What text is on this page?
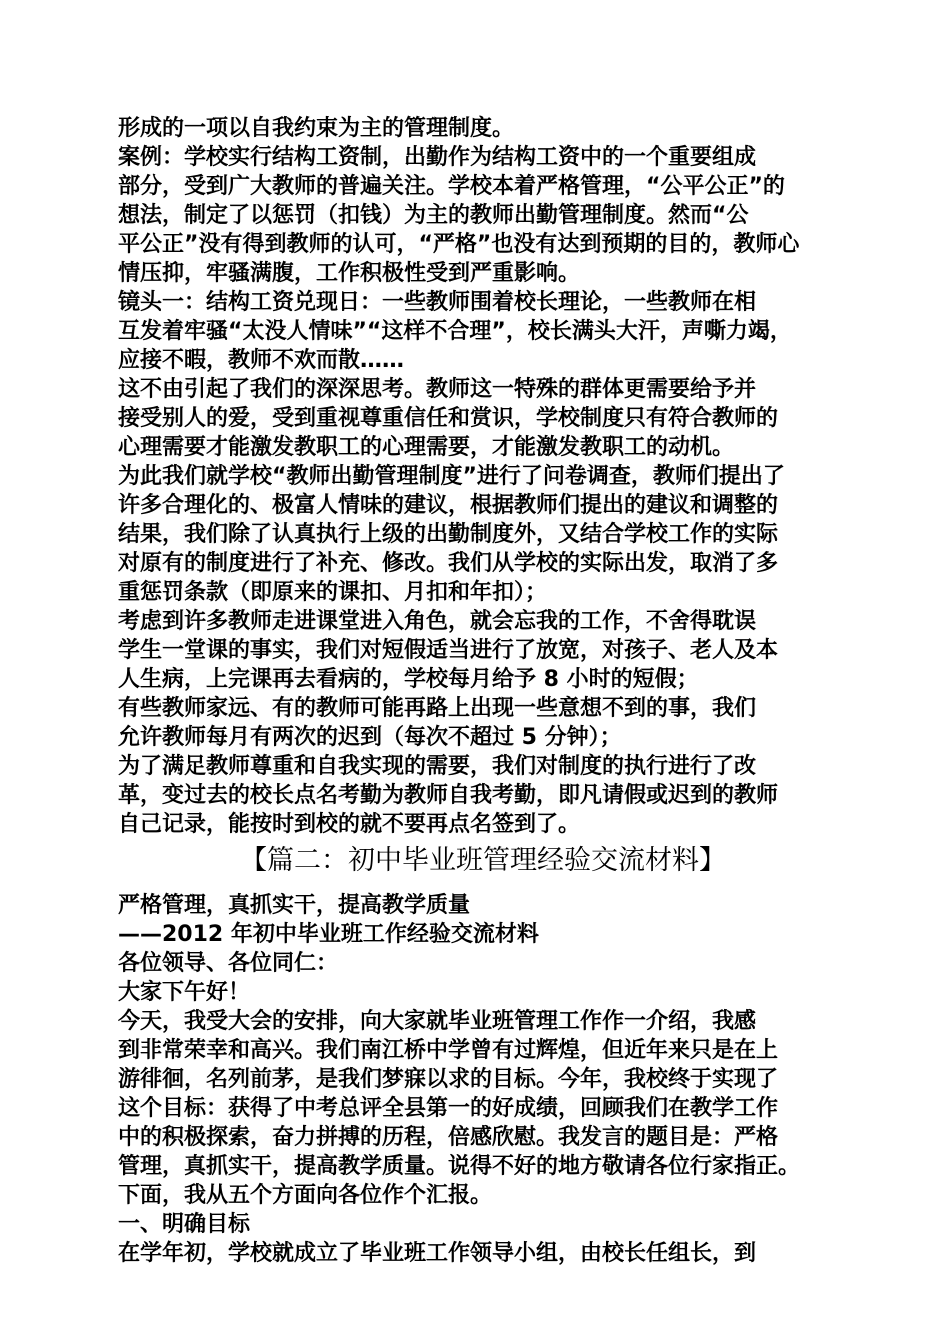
形成的一项以自我约束为主的管理制度。
案例：学校实行结构工资制，出勤作为结构工资中的一个重要组成
部分，受到广大教师的普遍关注。学校本着严格管理，“公平公正”的
想法，制定了以惩罚（扣钱）为主的教师出勤管理制度。然而“公
平公正”没有得到教师的认可，“严格”也没有达到预期的目的，教师心
情压抑，牢骚满腹，工作积极性受到严重影响。
镜头一：结构工资兑现日：一些教师围着校长理论，一些教师在相
互发着牢骚“太没人情味”“这样不合理”，校长满头大汗，声嘶力竭，
应接不暇，教师不欢而散……
这不由引起了我们的深深思考。教师这一特殊的群体更需要给予并
接受别人的爱，受到重视尊重信任和赏识，学校制度只有符合教师的
心理需要才能激发教职工的心理需要，才能激发教职工的动机。
为此我们就学校“教师出勤管理制度”进行了问卷调查，教师们提出了
许多合理化的、极富人情味的建议，根据教师们提出的建议和调整的
结果，我们除了认真执行上级的出勤制度外，又结合学校工作的实际
对原有的制度进行了补充、修改。我们从学校的实际出发，取消了多
重惩罚条款（即原来的课扣、月扣和年扣）；
考虑到许多教师走进课堂进入角色，就会忘我的工作，不舍得耽误
学生一堂课的事实，我们对短假适当进行了放宽，对孩子、老人及本
人生病，上完课再去看病的，学校每月给予 8 小时的短假；
有些教师家远、有的教师可能再路上出现一些意想不到的事，我们
允许教师每月有两次的迟到（每次不超过 5 分钟）；
为了满足教师尊重和自我实现的需要，我们对制度的执行进行了改
革，变过去的校长点名考勤为教师自我考勤，即凡请假或迟到的教师
自己记录，能按时到校的就不要再点名签到了。
【篇二：初中毕业班管理经验交流材料】
严格管理，真抓实干，提高教学质量
——2012 年初中毕业班工作经验交流材料
各位领导、各位同仁：
大家下午好！
今天，我受大会的安排，向大家就毕业班管理工作作一介绍，我感
到非常荣幸和高兴。我们南江桥中学曾有过辉煌，但近年来只是在上
游徘徊，名列前茅，是我们梦寐以求的目标。今年，我校终于实现了
这个目标：获得了中考总评全县第一的好成绩，回顾我们在教学工作
中的积极探索，奋力拼搏的历程，倍感欣慰。我发言的题目是：严格
管理，真抓实干，提高教学质量。说得不好的地方敬请各位行家指正。
下面，我从五个方面向各位作个汇报。
一、明确目标
在学年初，学校就成立了毕业班工作领导小组，由校长任组长，到
